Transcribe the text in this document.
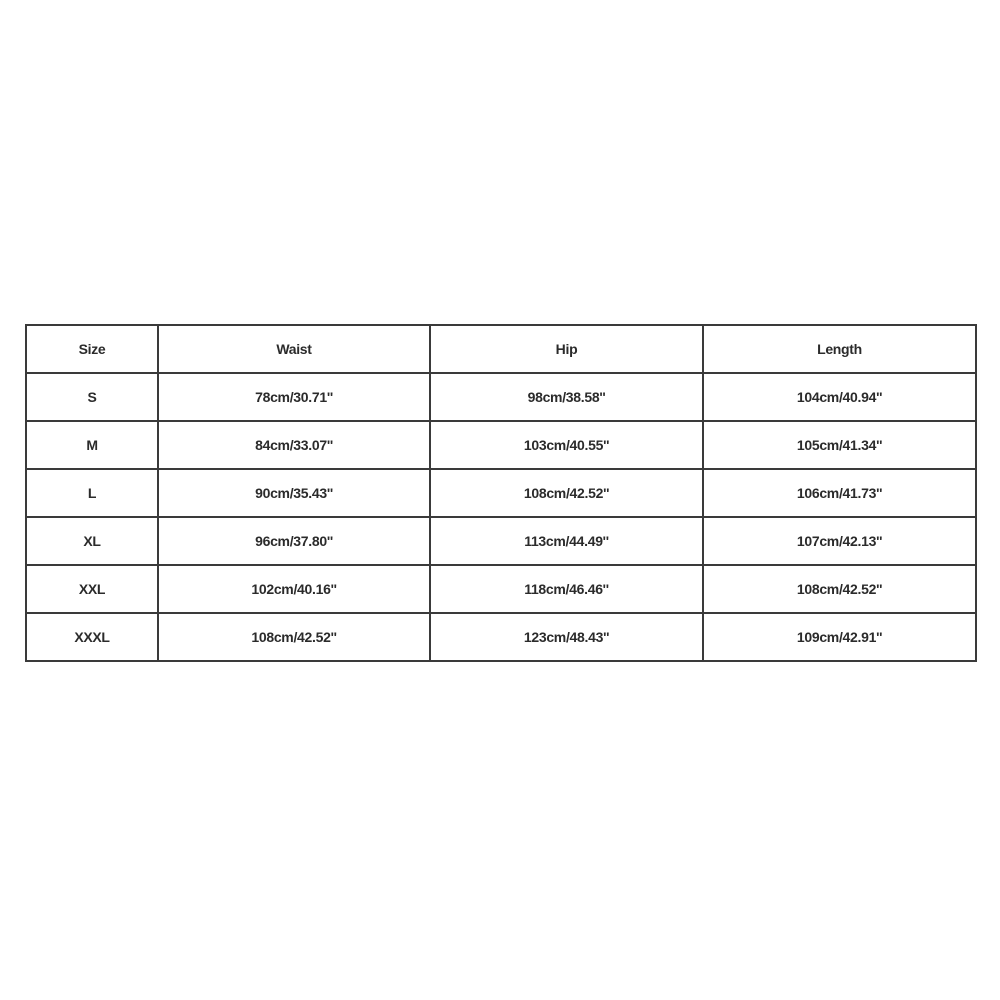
Size	Waist	Hip	Length
S	78cm/30.71''	98cm/38.58''	104cm/40.94''
M	84cm/33.07''	103cm/40.55''	105cm/41.34''
L	90cm/35.43''	108cm/42.52''	106cm/41.73''
XL	96cm/37.80''	113cm/44.49''	107cm/42.13''
XXL	102cm/40.16''	118cm/46.46''	108cm/42.52''
XXXL	108cm/42.52''	123cm/48.43''	109cm/42.91''
